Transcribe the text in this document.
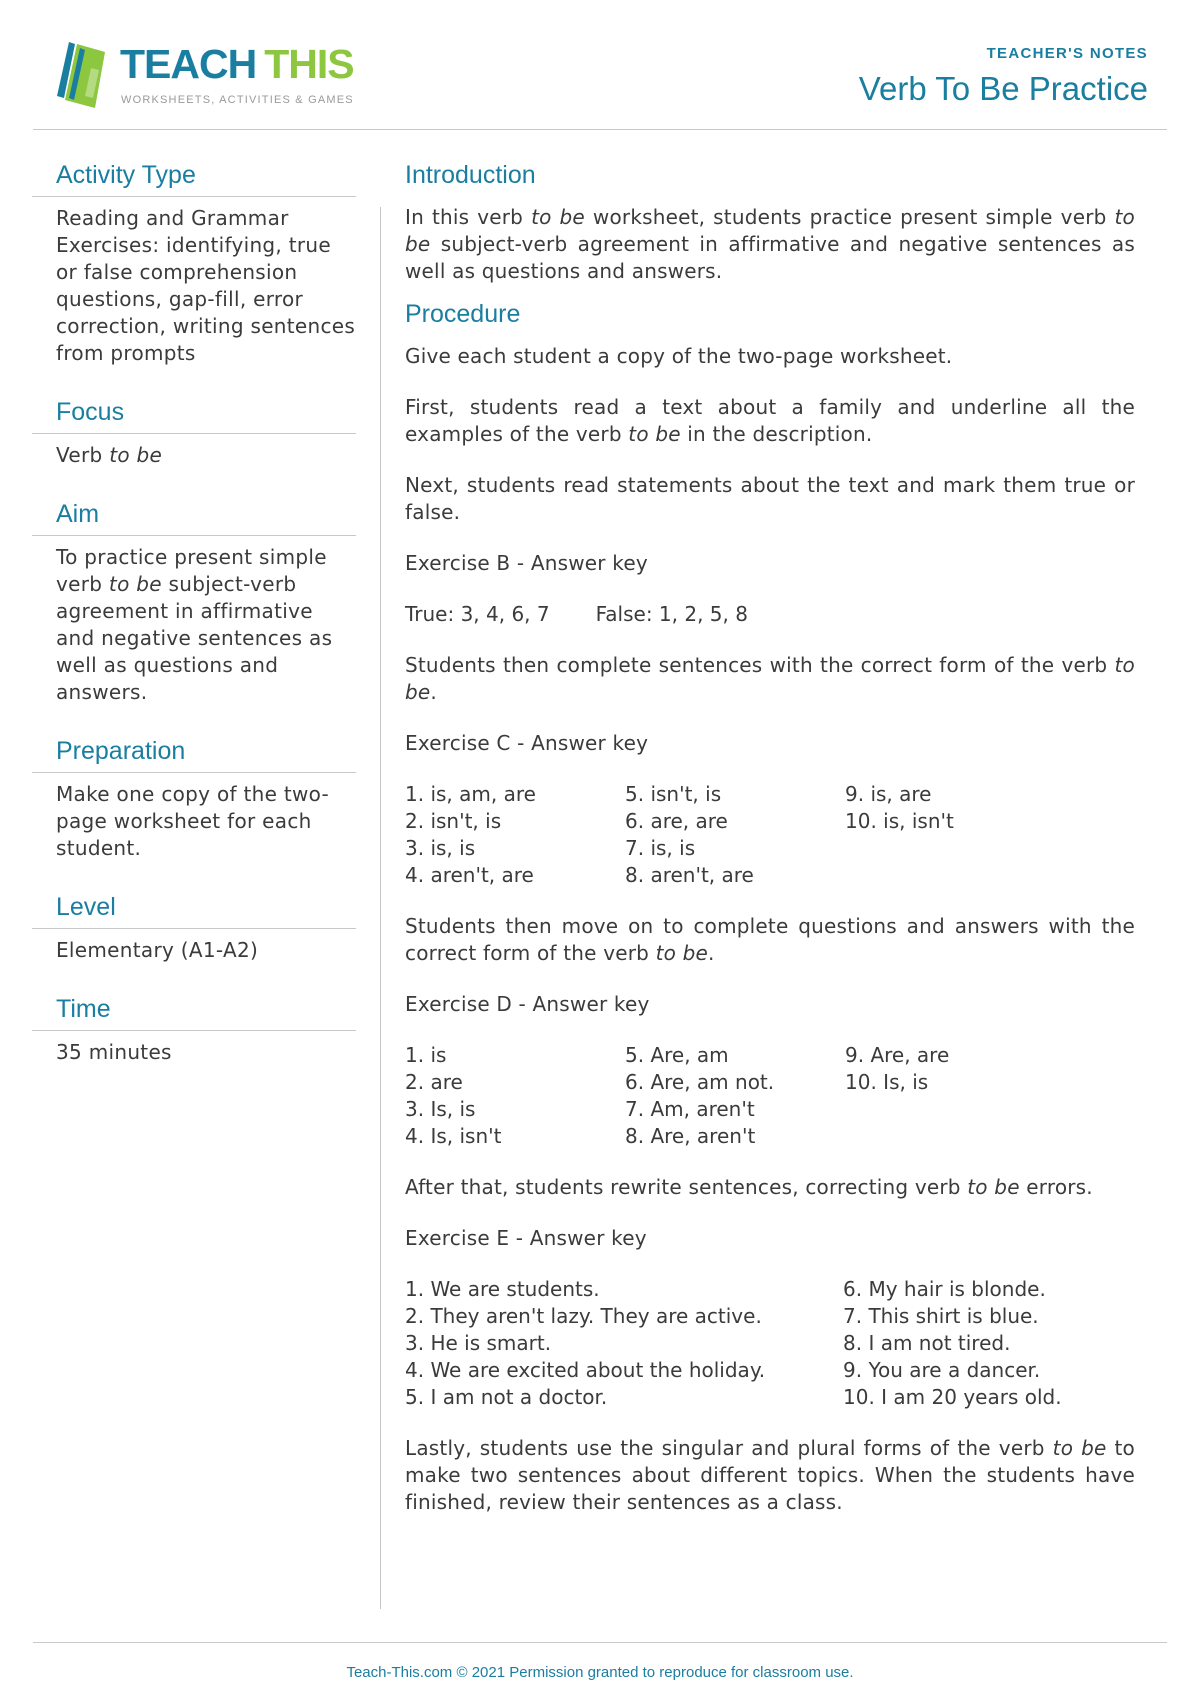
TEACH THIS
WORKSHEETS, ACTIVITIES & GAMES
TEACHER'S NOTES
Verb To Be Practice
Activity Type
Reading and Grammar Exercises: identifying, true or false comprehension questions, gap-fill, error correction, writing sentences from prompts
Focus
Verb to be
Aim
To practice present simple verb to be subject-verb agreement in affirmative and negative sentences as well as questions and answers.
Preparation
Make one copy of the two-page worksheet for each student.
Level
Elementary (A1-A2)
Time
35 minutes
Introduction

In this verb to be worksheet, students practice present simple verb to be subject-verb agreement in affirmative and negative sentences as well as questions and answers.

Procedure

Give each student a copy of the two-page worksheet.

First, students read a text about a family and underline all the examples of the verb to be in the description.

Next, students read statements about the text and mark them true or false.

Exercise B - Answer key

True: 3, 4, 6, 7 False: 1, 2, 5, 8

Students then complete sentences with the correct form of the verb to be.

Exercise C - Answer key

1. is, am, are	5. isn't, is	9. is, are
2. isn't, is	6. are, are	10. is, isn't
3. is, is	7. is, is
4. aren't, are	8. aren't, are

Students then move on to complete questions and answers with the correct form of the verb to be.

Exercise D - Answer key

1. is	5. Are, am	9. Are, are
2. are	6. Are, am not.	10. Is, is
3. Is, is	7. Am, aren't
4. Is, isn't	8. Are, aren't

After that, students rewrite sentences, correcting verb to be errors.

Exercise E - Answer key

1. We are students.	6. My hair is blonde.
2. They aren't lazy. They are active.	7. This shirt is blue.
3. He is smart.	8. I am not tired.
4. We are excited about the holiday.	9. You are a dancer.
5. I am not a doctor.	10. I am 20 years old.

Lastly, students use the singular and plural forms of the verb to be to make two sentences about different topics. When the students have finished, review their sentences as a class.

Teach-This.com © 2021 Permission granted to reproduce for classroom use.
